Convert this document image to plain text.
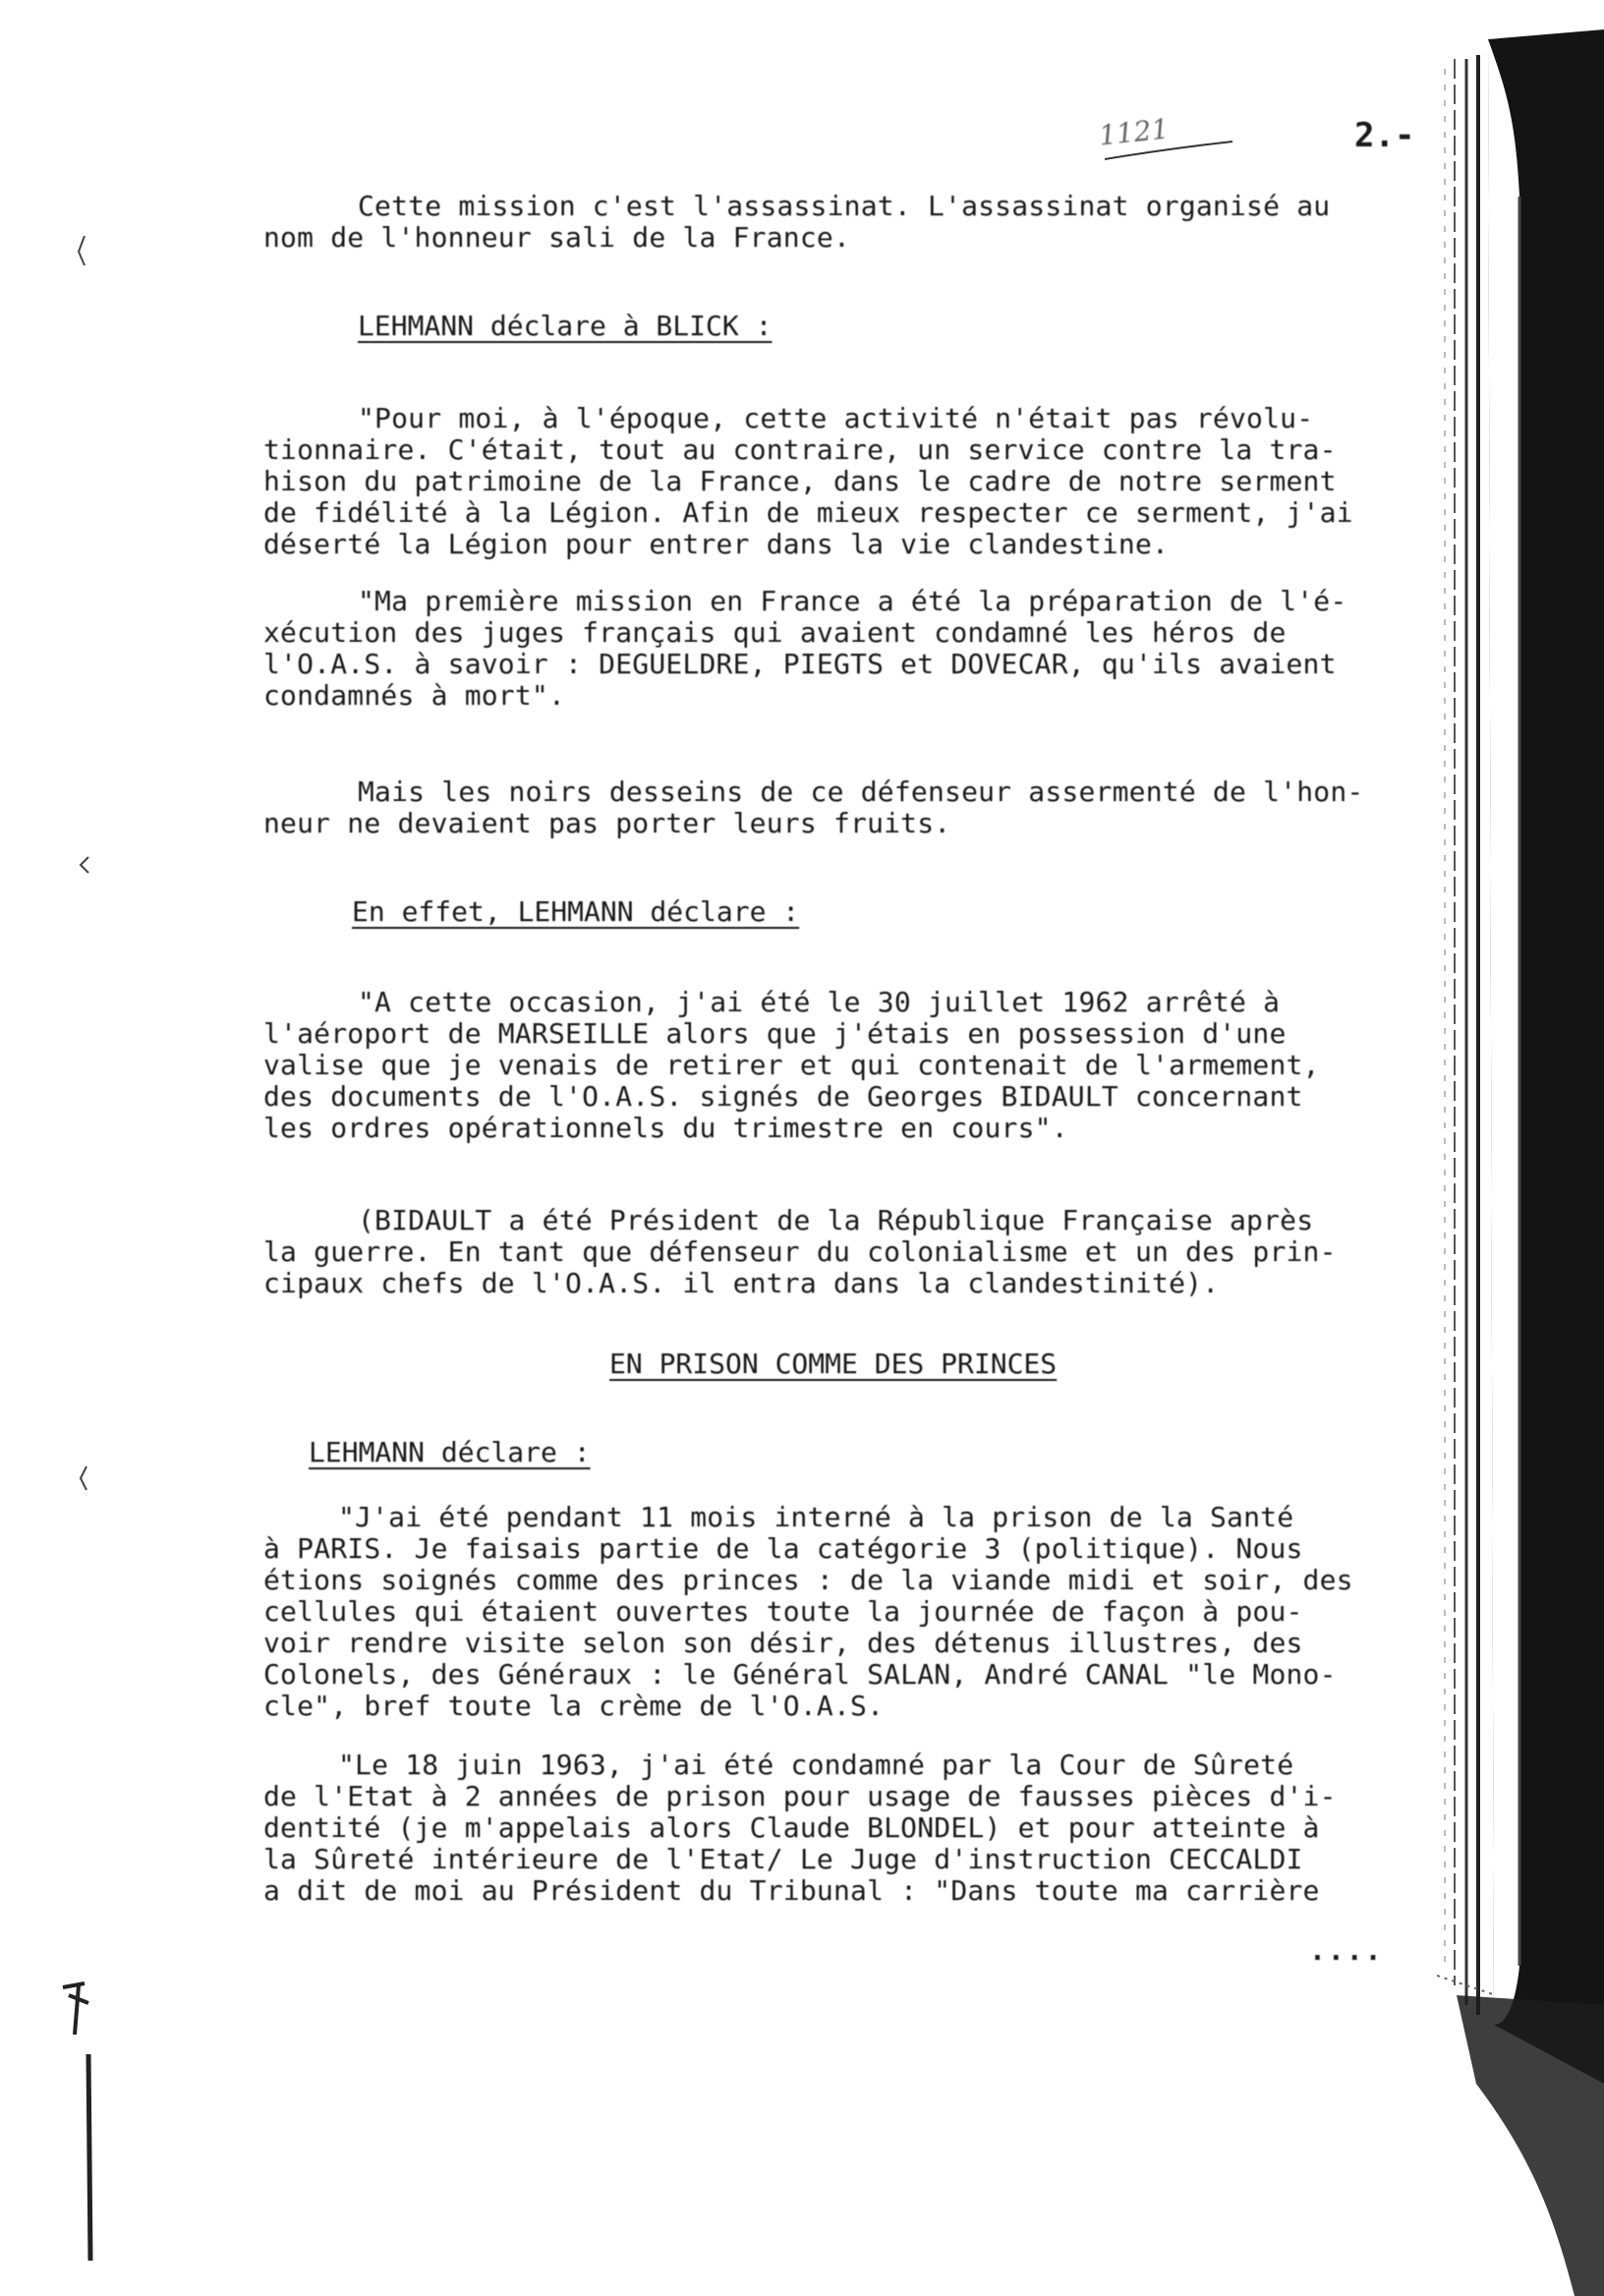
1121	2.-
Cette mission c'est l'assassinat. L'assassinat organisé au
nom de l'honneur sali de la France.
LEHMANN déclare à BLICK :
"Pour moi, à l'époque, cette activité n'était pas révolu-
tionnaire. C'était, tout au contraire, un service contre la tra-
hison du patrimoine de la France, dans le cadre de notre serment
de fidélité à la Légion. Afin de mieux respecter ce serment, j'ai
déserté la Légion pour entrer dans la vie clandestine.
"Ma première mission en France a été la préparation de l'é-
xécution des juges français qui avaient condamné les héros de
l'O.A.S. à savoir : DEGUELDRE, PIEGTS et DOVECAR, qu'ils avaient
condamnés à mort".
Mais les noirs desseins de ce défenseur assermenté de l'hon-
neur ne devaient pas porter leurs fruits.
En effet, LEHMANN déclare :
"A cette occasion, j'ai été le 30 juillet 1962 arrêté à
l'aéroport de MARSEILLE alors que j'étais en possession d'une
valise que je venais de retirer et qui contenait de l'armement,
des documents de l'O.A.S. signés de Georges BIDAULT concernant
les ordres opérationnels du trimestre en cours".
(BIDAULT a été Président de la République Française après
la guerre. En tant que défenseur du colonialisme et un des prin-
cipaux chefs de l'O.A.S. il entra dans la clandestinité).
EN PRISON COMME DES PRINCES
LEHMANN déclare :
"J'ai été pendant 11 mois interné à la prison de la Santé
à PARIS. Je faisais partie de la catégorie 3 (politique). Nous
étions soignés comme des princes : de la viande midi et soir, des
cellules qui étaient ouvertes toute la journée de façon à pou-
voir rendre visite selon son désir, des détenus illustres, des
Colonels, des Généraux : le Général SALAN, André CANAL "le Mono-
cle", bref toute la crème de l'O.A.S.
"Le 18 juin 1963, j'ai été condamné par la Cour de Sûreté
de l'Etat à 2 années de prison pour usage de fausses pièces d'i-
dentité (je m'appelais alors Claude BLONDEL) et pour atteinte à
la Sûreté intérieure de l'Etat/ Le Juge d'instruction CECCALDI
a dit de moi au Président du Tribunal : "Dans toute ma carrière
....
